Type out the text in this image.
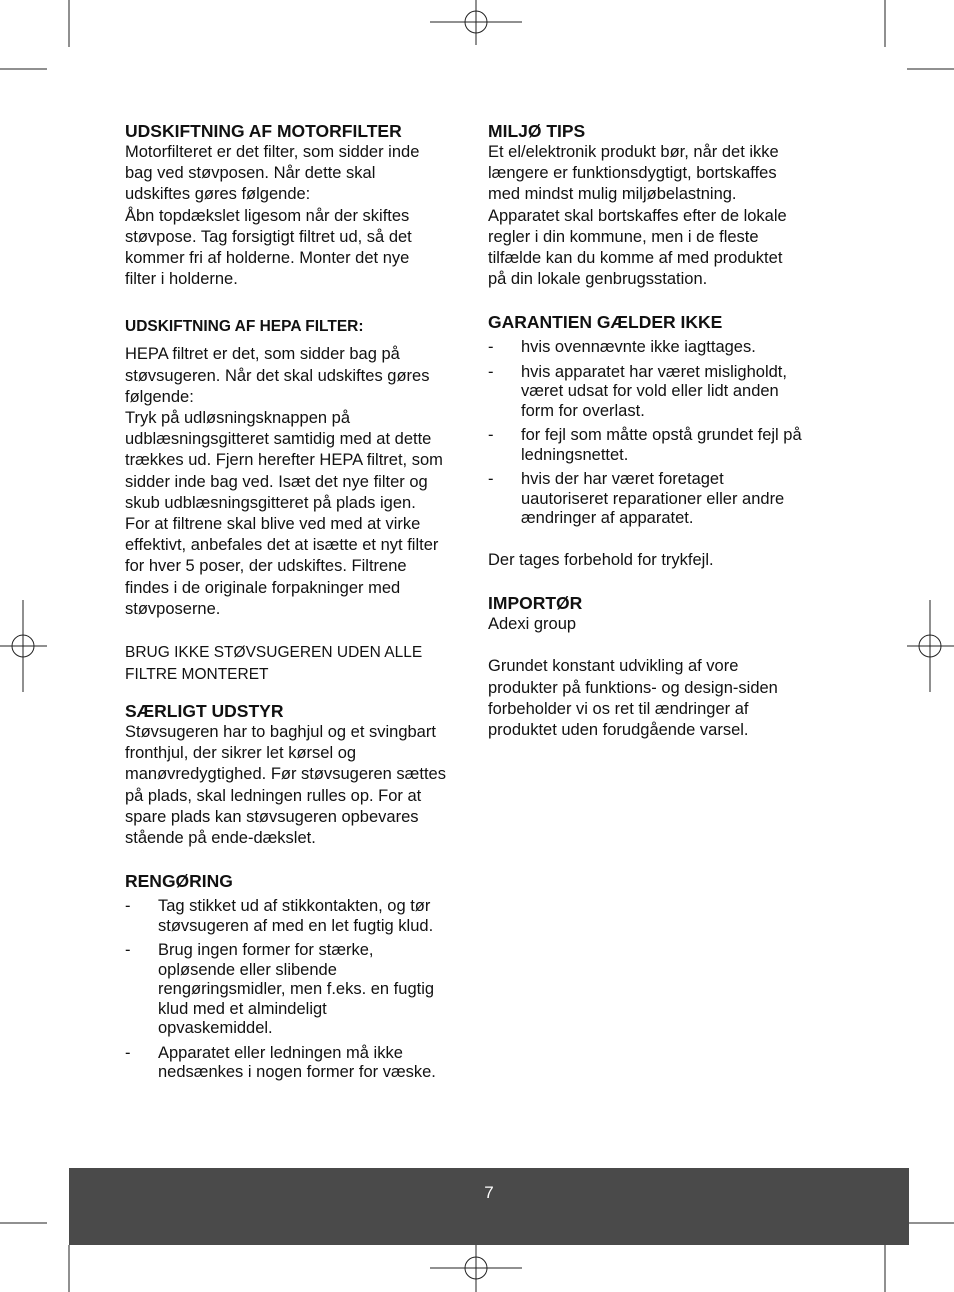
UDSKIFTNING AF MOTORFILTER

Motorfilteret er det filter, som sidder inde

bag ved støvposen. Når dette skal

udskiftes gøres følgende:

Åbn topdækslet ligesom når der skiftes

støvpose. Tag forsigtigt filtret ud, så det

kommer fri af holderne. Monter det nye

filter i holderne.

UDSKIFTNING AF HEPA FILTER:

HEPA filtret er det, som sidder bag på

støvsugeren. Når det skal udskiftes gøres

følgende:

Tryk på udløsningsknappen på

udblæsningsgitteret samtidig med at dette

trækkes ud. Fjern herefter HEPA filtret, som

sidder inde bag ved. Isæt det nye filter og

skub udblæsningsgitteret på plads igen.

For at filtrene skal blive ved med at virke

effektivt, anbefales det at isætte et nyt filter

for hver 5 poser, der udskiftes. Filtrene

findes i de originale forpakninger med

støvposerne.

BRUG IKKE STØVSUGEREN UDEN ALLE

FILTRE MONTERET

SÆRLIGT UDSTYR

Støvsugeren har to baghjul og et svingbart

fronthjul, der sikrer let kørsel og

manøvredygtighed. Før støvsugeren sættes

på plads, skal ledningen rulles op. For at

spare plads kan støvsugeren opbevares

stående på ende-dækslet.

RENGØRING
- Tag stikket ud af stikkontakten, og tør
støvsugeren af med en let fugtig klud.
- Brug ingen former for stærke,
opløsende eller slibende
rengøringsmidler, men f.eks. en fugtig
klud med et almindeligt
opvaskemiddel.
- Apparatet eller ledningen må ikke
nedsænkes i nogen former for væske.
MILJØ TIPS

Et el/elektronik produkt bør, når det ikke

længere er funktionsdygtigt, bortskaffes

med mindst mulig miljøbelastning.

Apparatet skal bortskaffes efter de lokale

regler i din kommune, men i de fleste

tilfælde kan du komme af med produktet

på din lokale genbrugsstation.

GARANTIEN GÆLDER IKKE
- hvis ovennævnte ikke iagttages.
- hvis apparatet har været misligholdt,
været udsat for vold eller lidt anden
form for overlast.
- for fejl som måtte opstå grundet fejl på
ledningsnettet.
- hvis der har været foretaget
uautoriseret reparationer eller andre
ændringer af apparatet.

Der tages forbehold for trykfejl.

IMPORTØR

Adexi group

Grundet konstant udvikling af vore

produkter på funktions- og design-siden

forbeholder vi os ret til ændringer af

produktet uden forudgående varsel.

7
